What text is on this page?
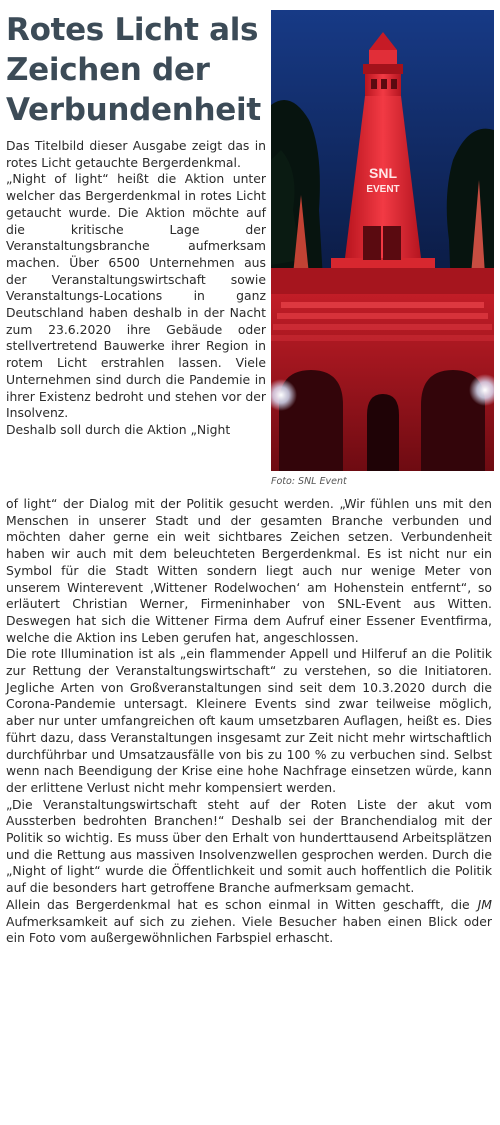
Rotes Licht als
Zeichen der
Verbundenheit

Das Titelbild dieser Ausgabe zeigt das in rotes Licht getauchte Bergerdenkmal.

„Night of light“ heißt die Aktion unter welcher das Bergerdenkmal in rotes Licht getaucht wurde. Die Aktion möchte auf die kritische Lage der Veranstaltungsbranche aufmerksam machen. Über 6500 Unternehmen aus der Veranstaltungswirtschaft sowie Veranstaltungs-Locations in ganz Deutschland haben deshalb in der Nacht zum 23.6.2020 ihre Gebäude oder stellvertretend Bauwerke ihrer Region in rotem Licht erstrahlen lassen. Viele Unternehmen sind durch die Pandemie in ihrer Existenz bedroht und stehen vor der Insolvenz.

Deshalb soll durch die Aktion „Night

SNL
EVENT
Foto: SNL Event

of light“ der Dialog mit der Politik gesucht werden. „Wir fühlen uns mit den Menschen in unserer Stadt und der gesamten Branche verbunden und möchten daher gerne ein weit sichtbares Zeichen setzen. Verbundenheit haben wir auch mit dem beleuchteten Bergerdenkmal. Es ist nicht nur ein Symbol für die Stadt Witten sondern liegt auch nur wenige Meter von unserem Winterevent ‚Wittener Rodelwochen‘ am Hohenstein entfernt“, so erläutert Christian Werner, Firmeninhaber von SNL-Event aus Witten. Deswegen hat sich die Wittener Firma dem Aufruf einer Essener Eventfirma, welche die Aktion ins Leben gerufen hat, angeschlossen.

Die rote Illumination ist als „ein flammender Appell und Hilferuf an die Politik zur Rettung der Veranstaltungswirtschaft“ zu verstehen, so die Initiatoren. Jegliche Arten von Großveranstaltungen sind seit dem 10.3.2020 durch die Corona-Pandemie untersagt. Kleinere Events sind zwar teilweise möglich, aber nur unter umfangreichen oft kaum umsetzbaren Auflagen, heißt es. Dies führt dazu, dass Veranstaltungen insgesamt zur Zeit nicht mehr wirtschaftlich durchführbar und Umsatzausfälle von bis zu 100 % zu verbuchen sind. Selbst wenn nach Beendigung der Krise eine hohe Nachfrage einsetzen würde, kann der erlittene Verlust nicht mehr kompensiert werden.

„Die Veranstaltungswirtschaft steht auf der Roten Liste der akut vom Aussterben bedrohten Branchen!“ Deshalb sei der Branchendialog mit der Politik so wichtig. Es muss über den Erhalt von hunderttausend Arbeitsplätzen und die Rettung aus massiven Insolvenzwellen gesprochen werden. Durch die „Night of light“ wurde die Öffentlichkeit und somit auch hoffentlich die Politik auf die besonders hart getroffene Branche aufmerksam gemacht.

JM
Allein das Bergerdenkmal hat es schon einmal in Witten geschafft, die Aufmerksamkeit auf sich zu ziehen. Viele Besucher haben einen Blick oder ein Foto vom außergewöhnlichen Farbspiel erhascht.
